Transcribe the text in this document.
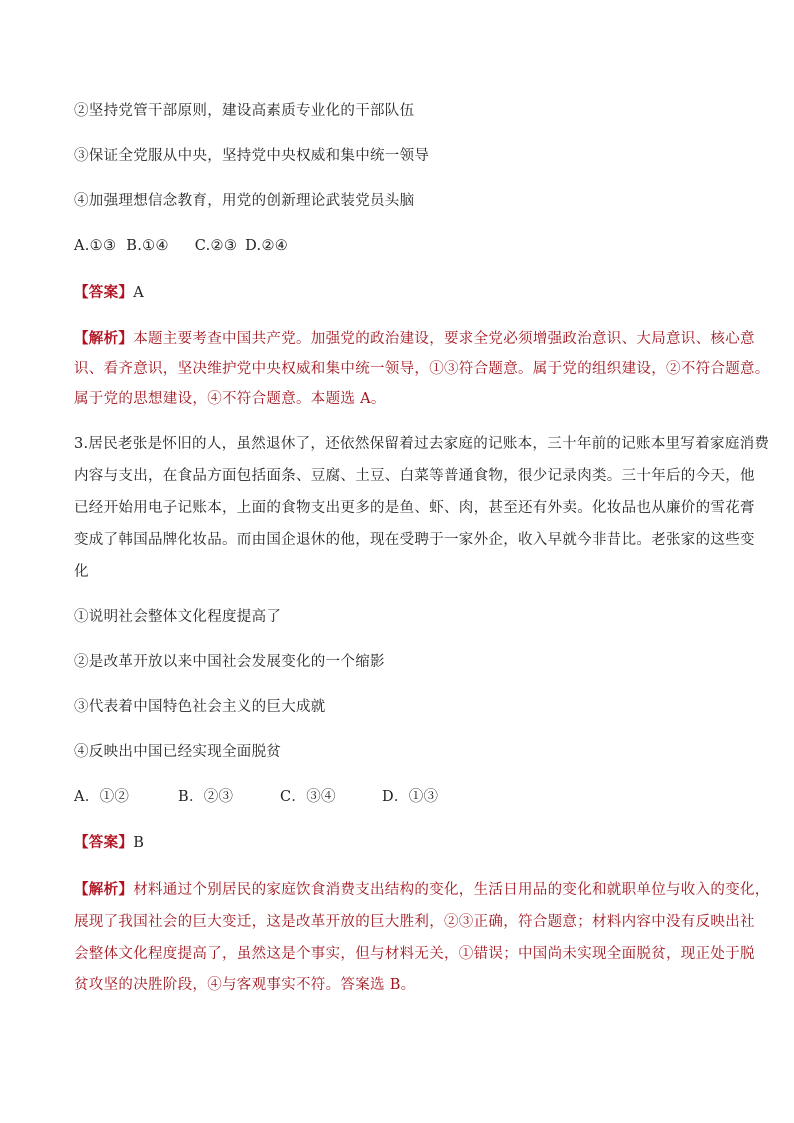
②坚持党管干部原则，建设高素质专业化的干部队伍

③保证全党服从中央，坚持党中央权威和集中统一领导

④加强理想信念教育，用党的创新理论武装党员头脑

A.①③ B.①④ C.②③ D.②④

【答案】A

【解析】本题主要考查中国共产党。加强党的政治建设，要求全党必须增强政治意识、大局意识、核心意

识、看齐意识，坚决维护党中央权威和集中统一领导，①③符合题意。属于党的组织建设，②不符合题意。

属于党的思想建设，④不符合题意。本题选 A。

3.居民老张是怀旧的人，虽然退休了，还依然保留着过去家庭的记账本，三十年前的记账本里写着家庭消费

内容与支出，在食品方面包括面条、豆腐、土豆、白菜等普通食物，很少记录肉类。三十年后的今天，他

已经开始用电子记账本，上面的食物支出更多的是鱼、虾、肉，甚至还有外卖。化妆品也从廉价的雪花膏

变成了韩国品牌化妆品。而由国企退休的他，现在受聘于一家外企，收入早就今非昔比。老张家的这些变

化

①说明社会整体文化程度提高了

②是改革开放以来中国社会发展变化的一个缩影

③代表着中国特色社会主义的巨大成就

④反映出中国已经实现全面脱贫

A．①②	B．②③	C．③④	D．①③

【答案】B

【解析】材料通过个别居民的家庭饮食消费支出结构的变化，生活日用品的变化和就职单位与收入的变化，

展现了我国社会的巨大变迁，这是改革开放的巨大胜利，②③正确，符合题意；材料内容中没有反映出社

会整体文化程度提高了，虽然这是个事实，但与材料无关，①错误；中国尚未实现全面脱贫，现正处于脱

贫攻坚的决胜阶段，④与客观事实不符。答案选 B。
